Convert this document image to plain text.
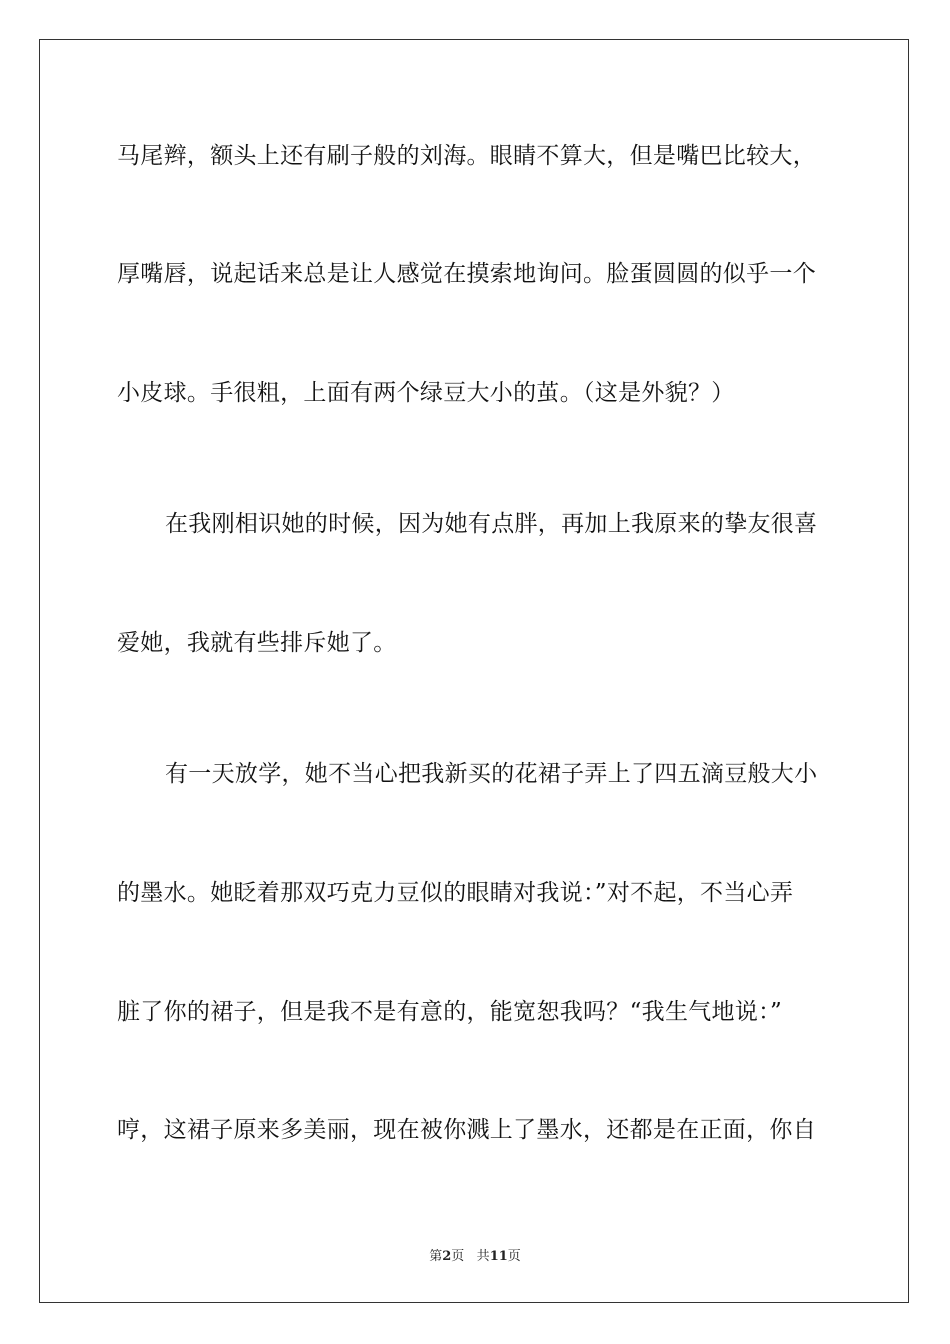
马尾辫，额头上还有刷子般的刘海。眼睛不算大，但是嘴巴比较大，
厚嘴唇，说起话来总是让人感觉在摸索地询问。脸蛋圆圆的似乎一个
小皮球。手很粗，上面有两个绿豆大小的茧。（这是外貌？）
在我刚相识她的时候，因为她有点胖，再加上我原来的挚友很喜
爱她，我就有些排斥她了。
有一天放学，她不当心把我新买的花裙子弄上了四五滴豆般大小
的墨水。她眨着那双巧克力豆似的眼睛对我说：”对不起，不当心弄
脏了你的裙子，但是我不是有意的，能宽恕我吗？“我生气地说：”
哼，这裙子原来多美丽，现在被你溅上了墨水，还都是在正面，你自
第2页 共11页
